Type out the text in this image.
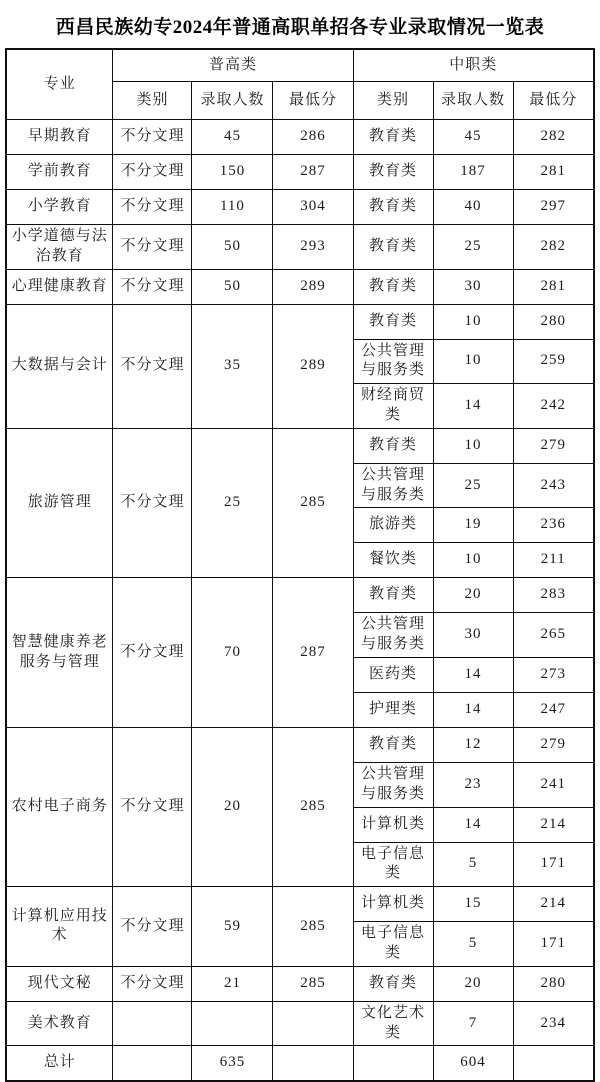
西昌民族幼专2024年普通高职单招各专业录取情况一览表
专业	普高类			中职类		
	类别	录取人数	最低分	类别	录取人数	最低分
早期教育	不分文理	45	286	教育类	45	282
学前教育	不分文理	150	287	教育类	187	281
小学教育	不分文理	110	304	教育类	40	297
小学道德与法治教育	不分文理	50	293	教育类	25	282
心理健康教育	不分文理	50	289	教育类	30	281
大数据与会计	不分文理	35	289	教育类	10	280
				公共管理与服务类	10	259
				财经商贸类	14	242
旅游管理	不分文理	25	285	教育类	10	279
				公共管理与服务类	25	243
				旅游类	19	236
				餐饮类	10	211
智慧健康养老服务与管理	不分文理	70	287	教育类	20	283
				公共管理与服务类	30	265
				医药类	14	273
				护理类	14	247
农村电子商务	不分文理	20	285	教育类	12	279
				公共管理与服务类	23	241
				计算机类	14	214
				电子信息类	5	171
计算机应用技术	不分文理	59	285	计算机类	15	214
				电子信息类	5	171
现代文秘	不分文理	21	285	教育类	20	280
美术教育				文化艺术类	7	234
总计		635			604	
